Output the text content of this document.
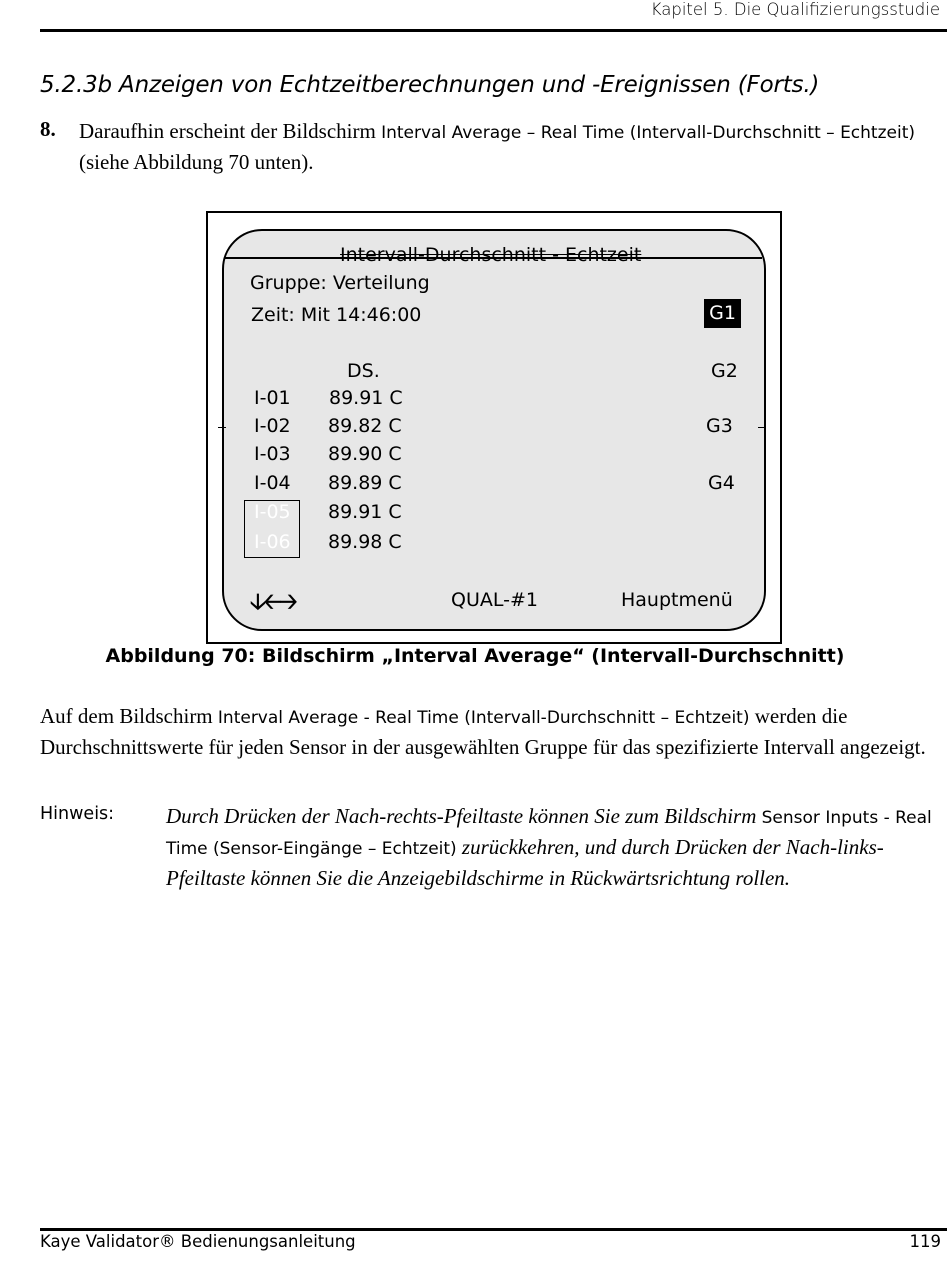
Kapitel 5. Die Qualifizierungsstudie
5.2.3b Anzeigen von Echtzeitberechnungen und -Ereignissen (Forts.)
8. Daraufhin erscheint der Bildschirm Interval Average – Real Time (Intervall-Durchschnitt – Echtzeit) (siehe Abbildung 70 unten).
Intervall-Durchschnitt - Echtzeit
Gruppe: Verteilung
Zeit: Mit 14:46:00	G1
G2
G3
G4
DS.
I-01 89.91 C
I-02 89.82 C
I-03 89.90 C
I-04 89.89 C
I-05 89.91 C
I-06 89.98 C
🡣🡠🡢	QUAL-#1	Hauptmenü
Abbildung 70: Bildschirm „Interval Average“ (Intervall-Durchschnitt)
Auf dem Bildschirm Interval Average - Real Time (Intervall-Durchschnitt – Echtzeit) werden die Durchschnittswerte für jeden Sensor in der ausgewählten Gruppe für das spezifizierte Intervall angezeigt.
Hinweis: Durch Drücken der Nach-rechts-Pfeiltaste können Sie zum Bildschirm Sensor Inputs - Real Time (Sensor-Eingänge – Echtzeit) zurückkehren, und durch Drücken der Nach-links-Pfeiltaste können Sie die Anzeigebildschirme in Rückwärtsrichtung rollen.
Kaye Validator® Bedienungsanleitung	119
